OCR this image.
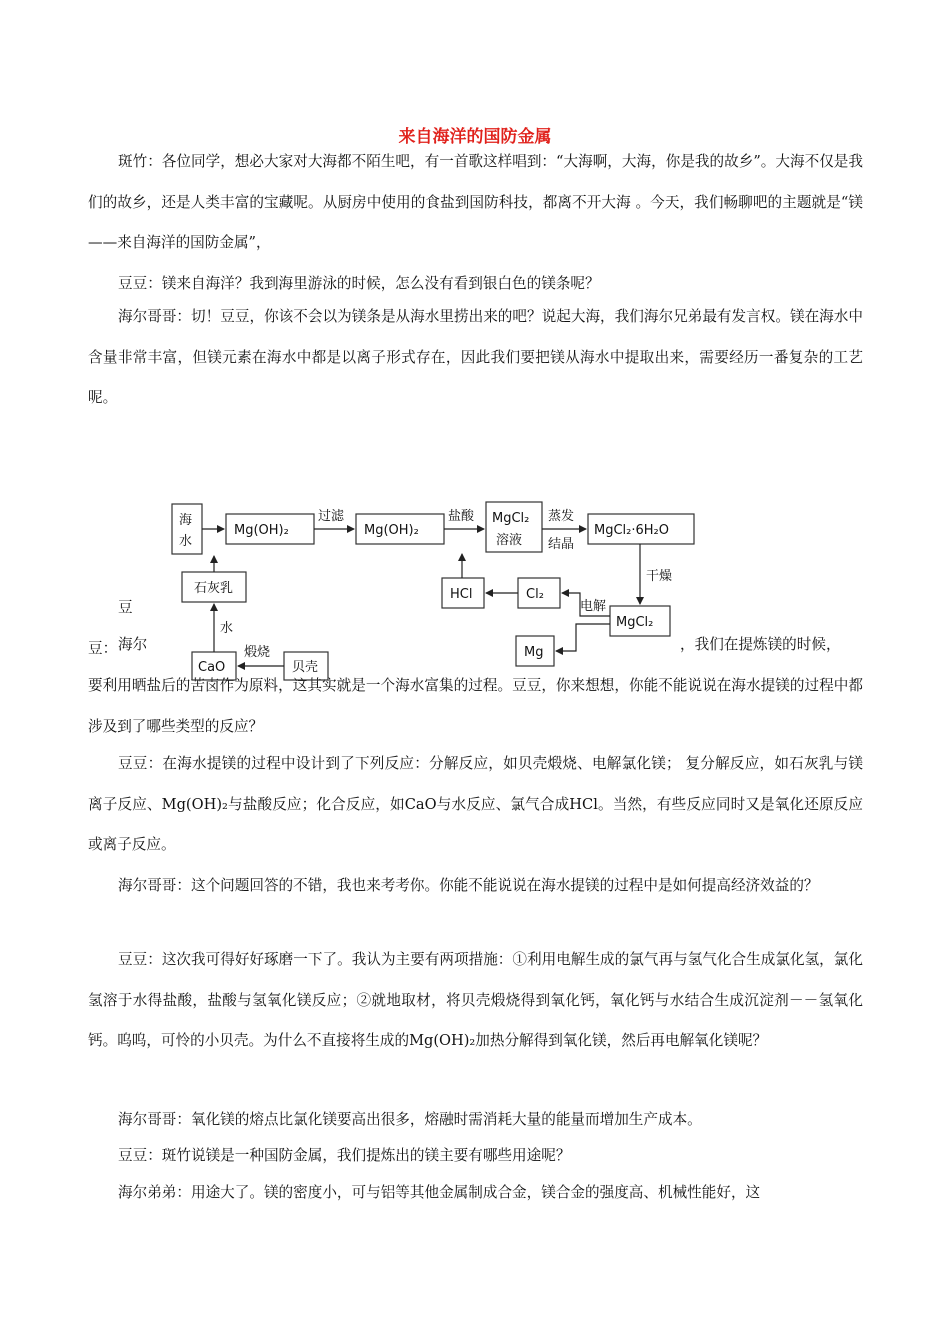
来自海洋的国防金属

斑竹：各位同学，想必大家对大海都不陌生吧，有一首歌这样唱到：“大海啊，大海，你是我的故乡”。大海不仅是我们的故乡，还是人类丰富的宝藏呢。从厨房中使用的食盐到国防科技，都离不开大海 。今天，我们畅聊吧的主题就是“镁——来自海洋的国防金属”，

豆豆：镁来自海洋？我到海里游泳的时候，怎么没有看到银白色的镁条呢？

海尔哥哥：切！豆豆，你该不会以为镁条是从海水里捞出来的吧？说起大海，我们海尔兄弟最有发言权。镁在海水中含量非常丰富，但镁元素在海水中都是以离子形式存在，因此我们要把镁从海水中提取出来，需要经历一番复杂的工艺呢。

豆豆： 海尔	，我们在提炼镁的时候，

要利用晒盐后的苦卤作为原料，这其实就是一个海水富集的过程。豆豆，你来想想，你能不能说说在海水提镁的过程中都涉及到了哪些类型的反应？

豆豆：在海水提镁的过程中设计到了下列反应：分解反应，如贝壳煅烧、电解氯化镁； 复分解反应，如石灰乳与镁离子反应、Mg(OH)₂与盐酸反应；化合反应，如CaO与水反应、氯气合成HCl。当然，有些反应同时又是氧化还原反应或离子反应。

海尔哥哥：这个问题回答的不错，我也来考考你。你能不能说说在海水提镁的过程中是如何提高经济效益的？

豆豆：这次我可得好好琢磨一下了。我认为主要有两项措施：①利用电解生成的氯气再与氢气化合生成氯化氢，氯化氢溶于水得盐酸，盐酸与氢氧化镁反应；②就地取材，将贝壳煅烧得到氧化钙，氧化钙与水结合生成沉淀剂－－氢氧化钙。呜呜，可怜的小贝壳。为什么不直接将生成的Mg(OH)₂加热分解得到氧化镁，然后再电解氧化镁呢？

海尔哥哥：氧化镁的熔点比氯化镁要高出很多，熔融时需消耗大量的能量而增加生产成本。

豆豆：斑竹说镁是一种国防金属，我们提炼出的镁主要有哪些用途呢？

海尔弟弟：用途大了。镁的密度小，可与铝等其他金属制成合金，镁合金的强度高、机械性能好，这

海
水
Mg(OH)₂	Mg(OH)₂
MgCl₂
溶液
MgCl₂·6H₂O
石灰乳	HCl	Cl₂
MgCl₂
Mg
CaO	贝壳
过滤	盐酸	蒸发
结晶
干燥
电解
水
煅烧
